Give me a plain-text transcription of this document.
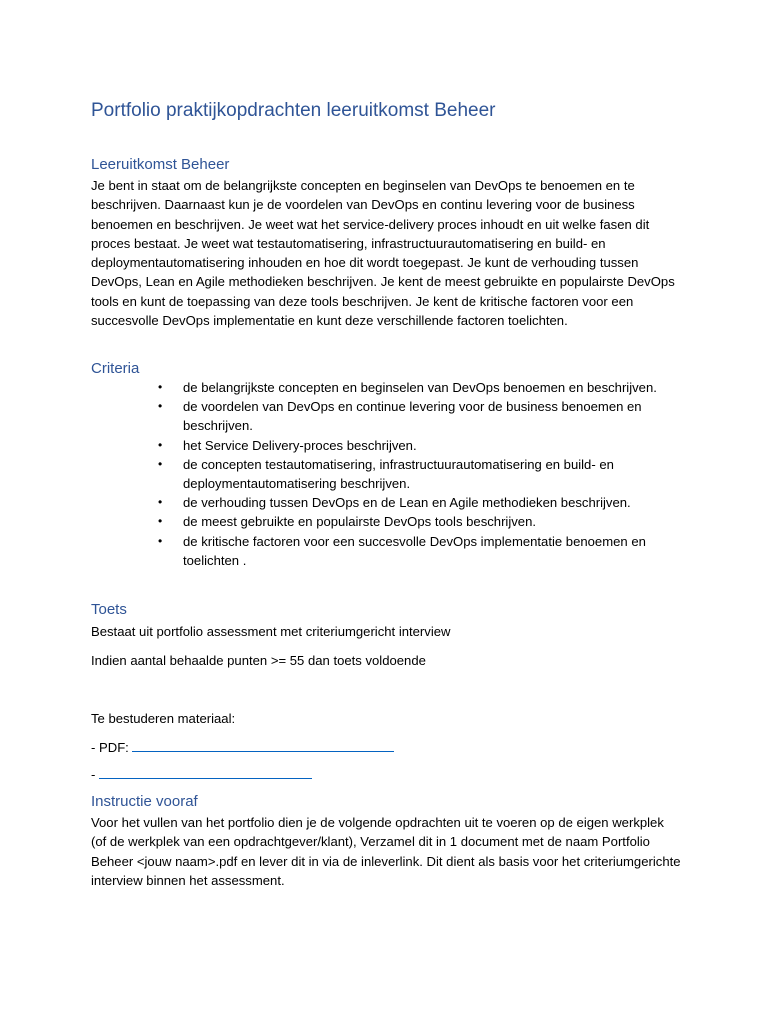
Portfolio praktijkopdrachten leeruitkomst Beheer
Leeruitkomst Beheer

Je bent in staat om de belangrijkste concepten en beginselen van DevOps te benoemen en te beschrijven. Daarnaast kun je de voordelen van DevOps en continu levering voor de business benoemen en beschrijven. Je weet wat het service-delivery proces inhoudt en uit welke fasen dit proces bestaat. Je weet wat testautomatisering, infrastructuurautomatisering en build- en deploymentautomatisering inhouden en hoe dit wordt toegepast. Je kunt de verhouding tussen DevOps, Lean en Agile methodieken beschrijven. Je kent de meest gebruikte en populairste DevOps tools en kunt de toepassing van deze tools beschrijven. Je kent de kritische factoren voor een succesvolle DevOps implementatie en kunt deze verschillende factoren toelichten.

Criteria
• de belangrijkste concepten en beginselen van DevOps benoemen en beschrijven.
• de voordelen van DevOps en continue levering voor de business benoemen en beschrijven.
• het Service Delivery-proces beschrijven.
• de concepten testautomatisering, infrastructuurautomatisering en build- en deploymentautomatisering beschrijven.
• de verhouding tussen DevOps en de Lean en Agile methodieken beschrijven.
• de meest gebruikte en populairste DevOps tools beschrijven.
• de kritische factoren voor een succesvolle DevOps implementatie benoemen en toelichten .
Toets

Bestaat uit portfolio assessment met criteriumgericht interview

Indien aantal behaalde punten >= 55 dan toets voldoende

Te bestuderen materiaal:

- PDF:

-

Instructie vooraf

Voor het vullen van het portfolio dien je de volgende opdrachten uit te voeren op de eigen werkplek (of de werkplek van een opdrachtgever/klant), Verzamel dit in 1 document met de naam Portfolio Beheer <jouw naam>.pdf en lever dit in via de inleverlink. Dit dient als basis voor het criteriumgerichte interview binnen het assessment.
